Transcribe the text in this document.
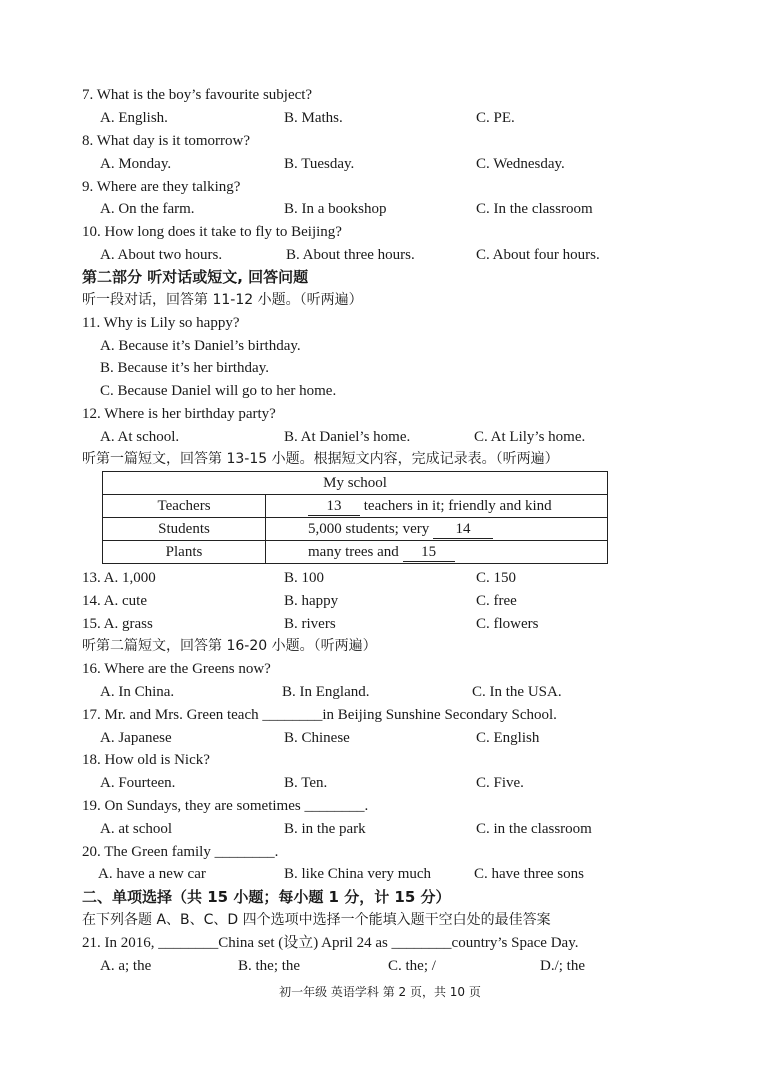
7. What is the boy’s favourite subject?
A. English.	B. Maths.	C. PE.
8. What day is it tomorrow?
A. Monday.	B. Tuesday.	C. Wednesday.
9. Where are they talking?
A. On the farm.	B. In a bookshop	C. In the classroom
10. How long does it take to fly to Beijing?
A. About two hours.	B. About three hours.	C. About four hours.
第二部分 听对话或短文, 回答问题
听一段对话，回答第 11-12 小题。（听两遍）
11. Why is Lily so happy?
A. Because it’s Daniel’s birthday.
B. Because it’s her birthday.
C. Because Daniel will go to her home.
12. Where is her birthday party?
A. At school.	B. At Daniel’s home.	C. At Lily’s home.
听第一篇短文，回答第 13-15 小题。根据短文内容，完成记录表。（听两遍）
My school	
Teachers	13 teachers in it; friendly and kind
Students	5,000 students; very 14
Plants	many trees and 15
13. A. 1,000	B. 100	C. 150
14. A. cute	B. happy	C. free
15. A. grass	B. rivers	C. flowers
听第二篇短文，回答第 16-20 小题。（听两遍）
16. Where are the Greens now?
A. In China.	B. In England.	C. In the USA.
17. Mr. and Mrs. Green teach ________in Beijing Sunshine Secondary School.
A. Japanese	B. Chinese	C. English
18. How old is Nick?
A. Fourteen.	B. Ten.	C. Five.
19. On Sundays, they are sometimes ________.
A. at school	B. in the park	C. in the classroom
20. The Green family ________.
A. have a new car	B. like China very much	C. have three sons
二、单项选择（共 15 小题；每小题 1 分，计 15 分）
在下列各题 A、B、C、D 四个选项中选择一个能填入题干空白处的最佳答案
21. In 2016, ________China set (设立) April 24 as ________country’s Space Day.
A. a; the	B. the; the	C. the; /	D./; the
初一年级 英语学科 第 2 页，共 10 页
